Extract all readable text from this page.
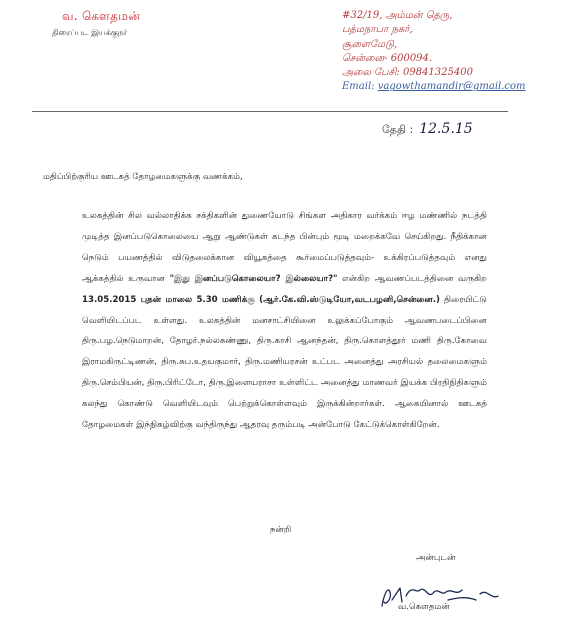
வ. கௌதமன்
திரைப்பட இயக்குநர்
#32/19, அம்மன் தெரு,
பத்மநாபா நகர்,
சூளைமேடு,
சென்னை- 600094.
அலை பேசி: 09841325400
Email: vagowthamandir@gmail.com
தேதி : 12.5.15
மதிப்பிற்குரிய ஊடகத் தோழமைகளுக்கு வணக்கம்,
உலகத்தின் சில வல்லாதிக்க சக்திகளின் துணையோடு சிங்கள அதிகார வர்க்கம் ஈழ மண்ணில் நடத்தி முடித்த இனப்படுகொலையை ஆறு ஆண்டுகள் கடந்த பின்பும் மூடி மறைக்கவே செய்கிறது. நீதிக்கான நெடும் பயணத்தில் விடுதலைக்கான வியூகத்தை கூர்மைப்படுத்தவும்- உக்கிரப்படுத்தவும் எனது ஆக்கத்தில் உருவான "இது இனப்படுகொலையா? இல்லையா?" என்கிற ஆவணப்படத்தினை வருகிற 13.05.2015 புதன் மாலை 5.30 மணிக்கு (ஆர்.கே.வி.ஸ்டுடியோ,வடபழனி,சென்னை.) திரையிட்டு வெளியிடப்பட உள்ளது. உலகத்தின் மனசாட்சியினை உலுக்கப்போகும் ஆவணபடைப்பினை திரு.பழ.நெடுமாறன், தோழர்.நல்லகண்ணு, திரு.காசி ஆனந்தன், திரு.கொளத்தூர் மணி திரு.கோவை இராமகிருட்டிணன், திரு.சுப.உதயகுமார், திரு.மணியரசன் உட்பட அனைத்து அரசியல் தலைமைகளும் திரு.செம்பியன், திரு.பிரிட்டோ, திரு.இளையராசா உள்ளிட்ட அனைத்து மாணவர் இயக்க பிரதிநிதிகளும் கலந்து கொண்டு வெளியிடவும் பெற்றுக்கொள்ளவும் இருக்கின்றார்கள். ஆகையினால் ஊடகத் தோழமைகள் இந்நிகழ்விற்கு வந்திருந்து ஆதரவு தரும்படி அன்போடு கேட்டுக்கொள்கிறேன்.
நன்றி
அன்புடன்
வ.கௌதமன்
